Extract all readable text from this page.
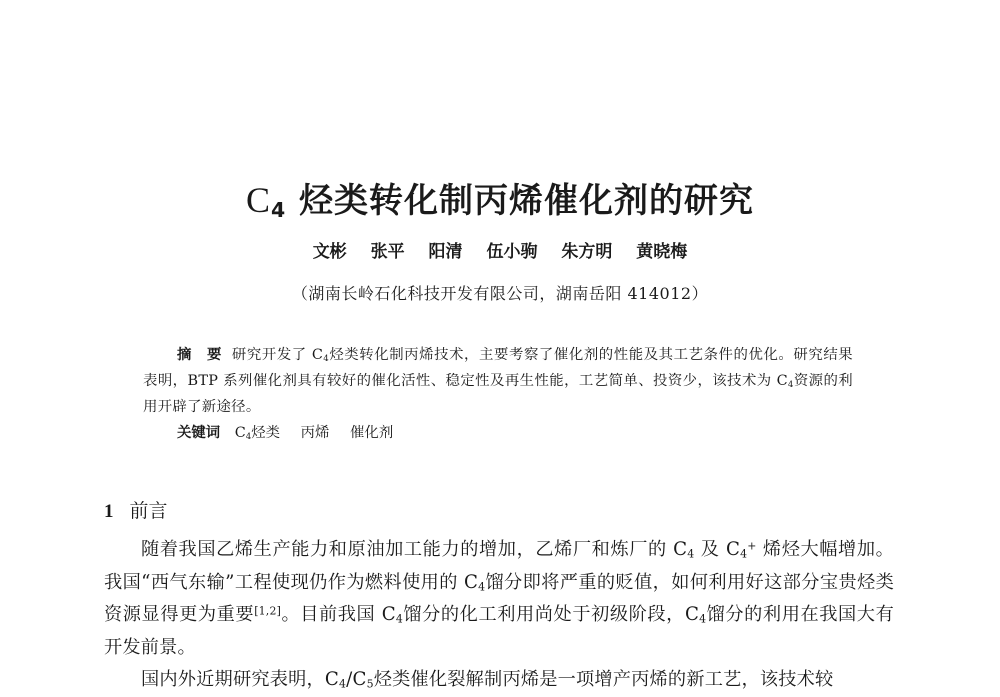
$C_4$ 烃类转化制丙烯催化剂的研究
文彬 张平 阳清 伍小驹 朱方明 黄晓梅
（湖南长岭石化科技开发有限公司，湖南岳阳 414012）

摘　要 研究开发了 $C_4$烃类转化制丙烯技术，主要考察了催化剂的性能及其工艺条件的优化。研究结果表明，BTP 系列催化剂具有较好的催化活性、稳定性及再生性能，工艺简单、投资少，该技术为 $C_4$资源的利用开辟了新途径。

关键词 $C_4$烃类 丙烯 催化剂
1 前言

随着我国乙烯生产能力和原油加工能力的增加，乙烯厂和炼厂的 $C_4$ 及 $C_4^+$ 烯烃大幅增加。我国“西气东输”工程使现仍作为燃料使用的 $C_4$馏分即将严重的贬值，如何利用好这部分宝贵烃类资源显得更为重要[1,2]。目前我国 $C_4$馏分的化工利用尚处于初级阶段，$C_4$馏分的利用在我国大有开发前景。

国内外近期研究表明，$C_4/C_5$烃类催化裂解制丙烯是一项增产丙烯的新工艺，该技术较
